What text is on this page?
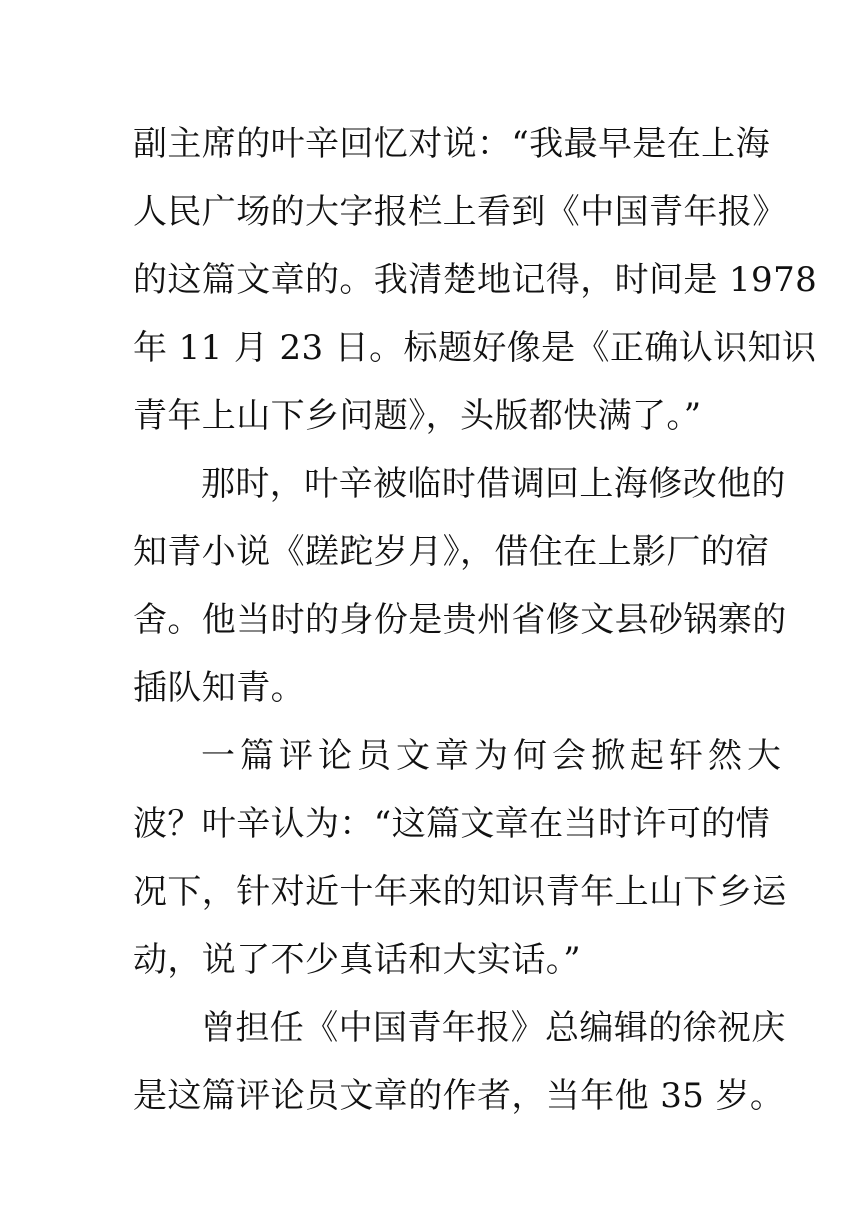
副主席的叶辛回忆对说：“我最早是在上海
人民广场的大字报栏上看到《中国青年报》
的这篇文章的。我清楚地记得，时间是 1978
年 11 月 23 日。标题好像是《正确认识知识
青年上山下乡问题》，头版都快满了。”
那时，叶辛被临时借调回上海修改他的
知青小说《蹉跎岁月》，借住在上影厂的宿
舍。他当时的身份是贵州省修文县砂锅寨的
插队知青。
一篇评论员文章为何会掀起轩然大
波？叶辛认为：“这篇文章在当时许可的情
况下，针对近十年来的知识青年上山下乡运
动，说了不少真话和大实话。”
曾担任《中国青年报》总编辑的徐祝庆
是这篇评论员文章的作者，当年他 35 岁。
